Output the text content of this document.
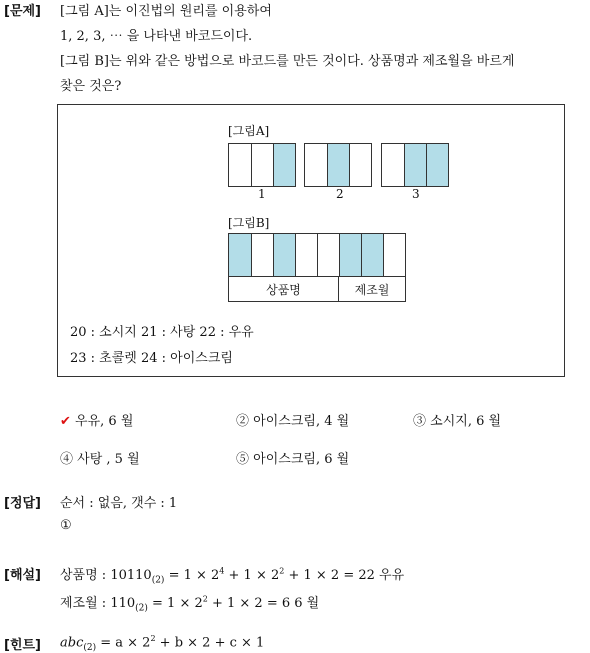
[문제] [그림 A]는 이진법의 원리를 이용하여
1, 2, 3, ⋯ 을 나타낸 바코드이다.
[그림 B]는 위와 같은 방법으로 바코드를 만든 것이다. 상품명과 제조월을 바르게
찾은 것은?
[그림A]
1	2	3
[그림B]
상품명	제조월
20 : 소시지 21 : 사탕 22 : 우유
23 : 초콜렛 24 : 아이스크림
✔ 우유, 6 월	② 아이스크림, 4 월	③ 소시지, 6 월
④ 사탕 , 5 월	⑤ 아이스크림, 6 월
[정답] 순서 : 없음, 갯수 : 1
①
[해설] 상품명 : $10110_{(2)} = 1 \times 2^4 + 1 \times 2^2 + 1 \times 2 = 22$ 우유
제조월 : $110_{(2)} = 1 \times 2^2 + 1 \times 2 = 6$ 6 월
[힌트] $abc_{(2)} = a \times 2^2 + b \times 2 + c \times 1$
